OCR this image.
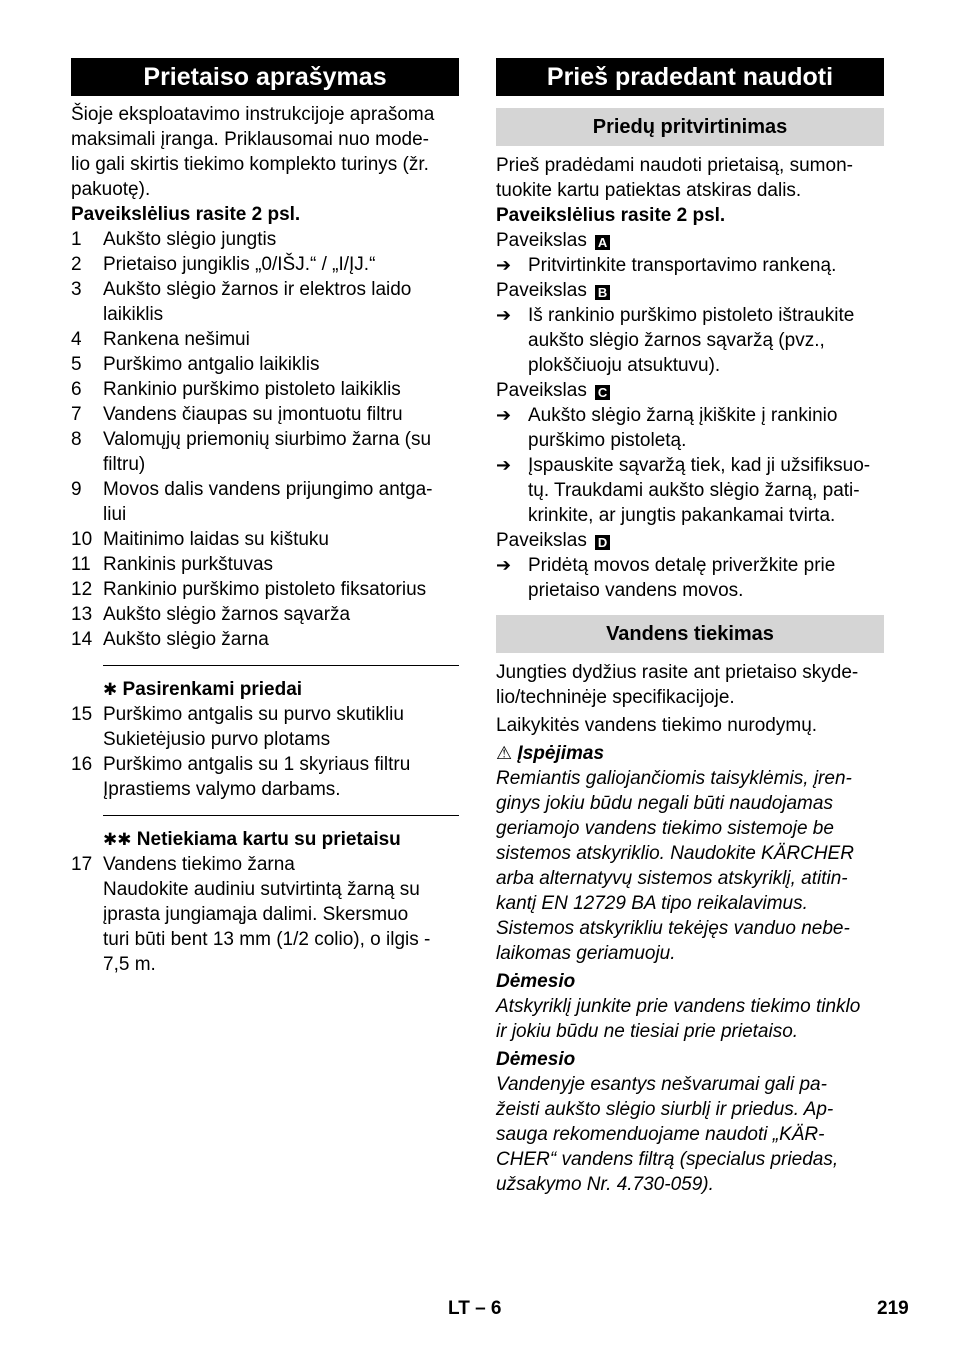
Prietaiso aprašymas

Šioje eksploatavimo instrukcijoje aprašoma

maksimali įranga. Priklausomai nuo mode-

lio gali skirtis tiekimo komplekto turinys (žr.

pakuotę).

Paveikslėlius rasite 2 psl.

1	Aukšto slėgio jungtis
2	Prietaiso jungiklis „0/IŠJ.“ / „I/ĮJ.“
3	Aukšto slėgio žarnos ir elektros laido
laikiklis
4	Rankena nešimui
5	Purškimo antgalio laikiklis
6	Rankinio purškimo pistoleto laikiklis
7	Vandens čiaupas su įmontuotu filtru
8	Valomųjų priemonių siurbimo žarna (su
filtru)
9	Movos dalis vandens prijungimo antga-
liui
10 Maitinimo laidas su kištuku
11 Rankinis purkštuvas
12 Rankinio purškimo pistoleto fiksatorius
13 Aukšto slėgio žarnos sąvarža
14 Aukšto slėgio žarna

✱ Pasirenkami priedai

15 Purškimo antgalis su purvo skutikliu
Sukietėjusio purvo plotams
16 Purškimo antgalis su 1 skyriaus filtru
Įprastiems valymo darbams.

✱✱ Netiekiama kartu su prietaisu

17 Vandens tiekimo žarna
Naudokite audiniu sutvirtintą žarną su
įprasta jungiamąja dalimi. Skersmuo
turi būti bent 13 mm (1/2 colio), o ilgis -
7,5 m.
Prieš pradedant naudoti
Priedų pritvirtinimas

Prieš pradėdami naudoti prietaisą, sumon-

tuokite kartu patiektas atskiras dalis.

Paveikslėlius rasite 2 psl.

Paveikslas A

➔ Pritvirtinkite transportavimo rankeną.

Paveikslas B

➔ Iš rankinio purškimo pistoleto ištraukite
aukšto slėgio žarnos sąvaržą (pvz.,
plokščiuoju atsuktuvu).

Paveikslas C

➔ Aukšto slėgio žarną įkiškite į rankinio
purškimo pistoletą.
➔ Įspauskite sąvaržą tiek, kad ji užsifiksuo-
tų. Traukdami aukšto slėgio žarną, pati-
krinkite, ar jungtis pakankamai tvirta.

Paveikslas D

➔ Pridėtą movos detalę priveržkite prie
prietaiso vandens movos.
Vandens tiekimas

Jungties dydžius rasite ant prietaiso skyde-

lio/techninėje specifikacijoje.

Laikykitės vandens tiekimo nurodymų.

⚠ Įspėjimas

Remiantis galiojančiomis taisyklėmis, įren-

ginys jokiu būdu negali būti naudojamas

geriamojo vandens tiekimo sistemoje be

sistemos atskyriklio. Naudokite KÄRCHER

arba alternatyvų sistemos atskyriklį, atitin-

kantį EN 12729 BA tipo reikalavimus.

Sistemos atskyrikliu tekėjęs vanduo nebe-

laikomas geriamuoju.

Dėmesio

Atskyriklį junkite prie vandens tiekimo tinklo

ir jokiu būdu ne tiesiai prie prietaiso.

Dėmesio

Vandenyje esantys nešvarumai gali pa-

žeisti aukšto slėgio siurblį ir priedus. Ap-

sauga rekomenduojame naudoti „KÄR-

CHER“ vandens filtrą (specialus priedas,

užsakymo Nr. 4.730-059).

LT – 6	219
